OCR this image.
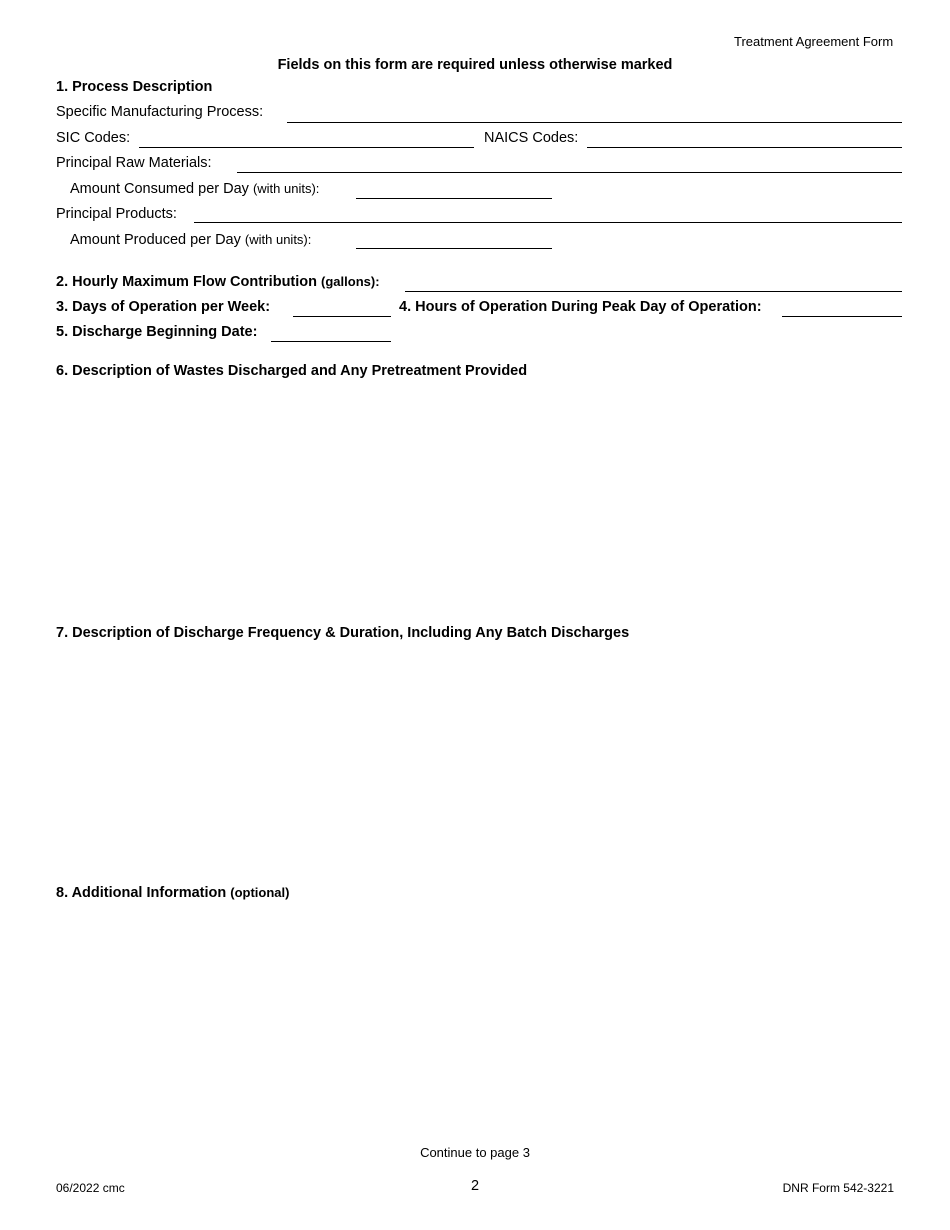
Treatment Agreement Form
Fields on this form are required unless otherwise marked
1. Process Description
Specific Manufacturing Process:
SIC Codes:	NAICS Codes:
Principal Raw Materials:
Amount Consumed per Day (with units):
Principal Products:
Amount Produced per Day (with units):
2. Hourly Maximum Flow Contribution (gallons):
3. Days of Operation per Week:	4. Hours of Operation During Peak Day of Operation:
5. Discharge Beginning Date:
6. Description of Wastes Discharged and Any Pretreatment Provided
7. Description of Discharge Frequency & Duration, Including Any Batch Discharges
8. Additional Information (optional)
Continue to page 3
06/2022 cmc	2	DNR Form 542-3221
